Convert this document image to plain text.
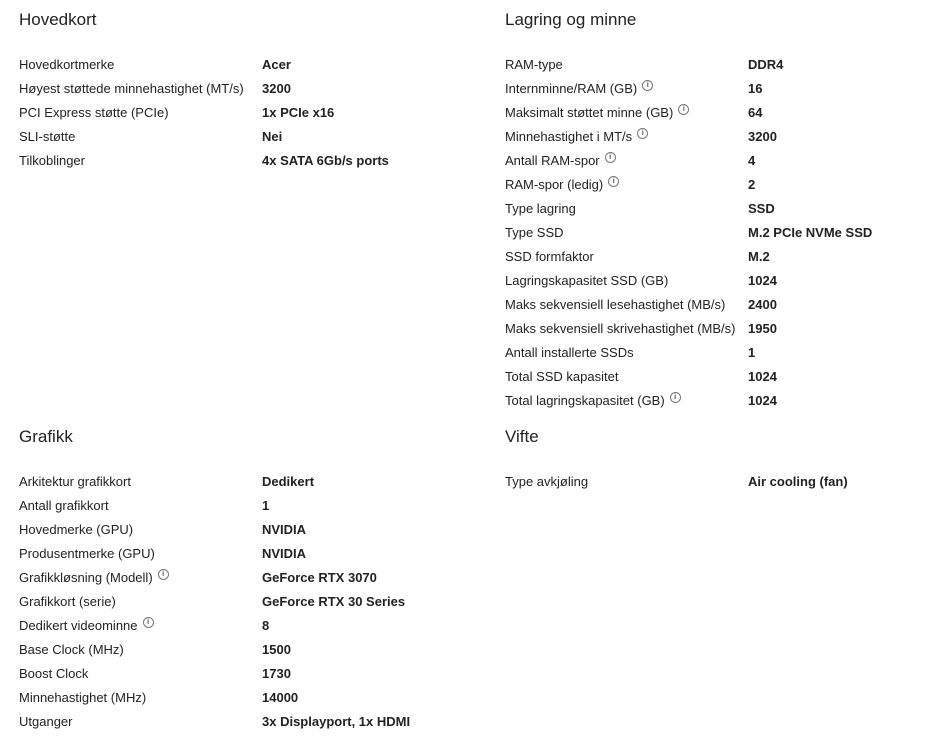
Hovedkort
Hovedkortmerke	Acer
Høyest støttede minnehastighet (MT/s) 3200
PCI Express støtte (PCIe)	1x PCIe x16
SLI-støtte	Nei
Tilkoblinger	4x SATA 6Gb/s ports
Lagring og minne
RAM-type	DDR4
Internminne/RAM (GB)	i	16
Maksimalt støttet minne (GB)	i	64
Minnehastighet i MT/s	i	3200
Antall RAM-spor	i	4
RAM-spor (ledig)	i	2
Type lagring	SSD
Type SSD	M.2 PCIe NVMe SSD
SSD formfaktor	M.2
Lagringskapasitet SSD (GB)	1024
Maks sekvensiell lesehastighet (MB/s) 2400
Maks sekvensiell skrivehastighet (MB/s) 1950
Antall installerte SSDs	1
Total SSD kapasitet	1024
Total lagringskapasitet (GB)	i	1024
Grafikk
Arkitektur grafikkort	Dedikert
Antall grafikkort	1
Hovedmerke (GPU)	NVIDIA
Produsentmerke (GPU)	NVIDIA
Grafikkløsning (Modell)	i	GeForce RTX 3070
Grafikkort (serie)	GeForce RTX 30 Series
Dedikert videominne	i	8
Base Clock (MHz)	1500
Boost Clock	1730
Minnehastighet (MHz)	14000
Utganger	3x Displayport, 1x HDMI
Vifte
Type avkjøling	Air cooling (fan)
